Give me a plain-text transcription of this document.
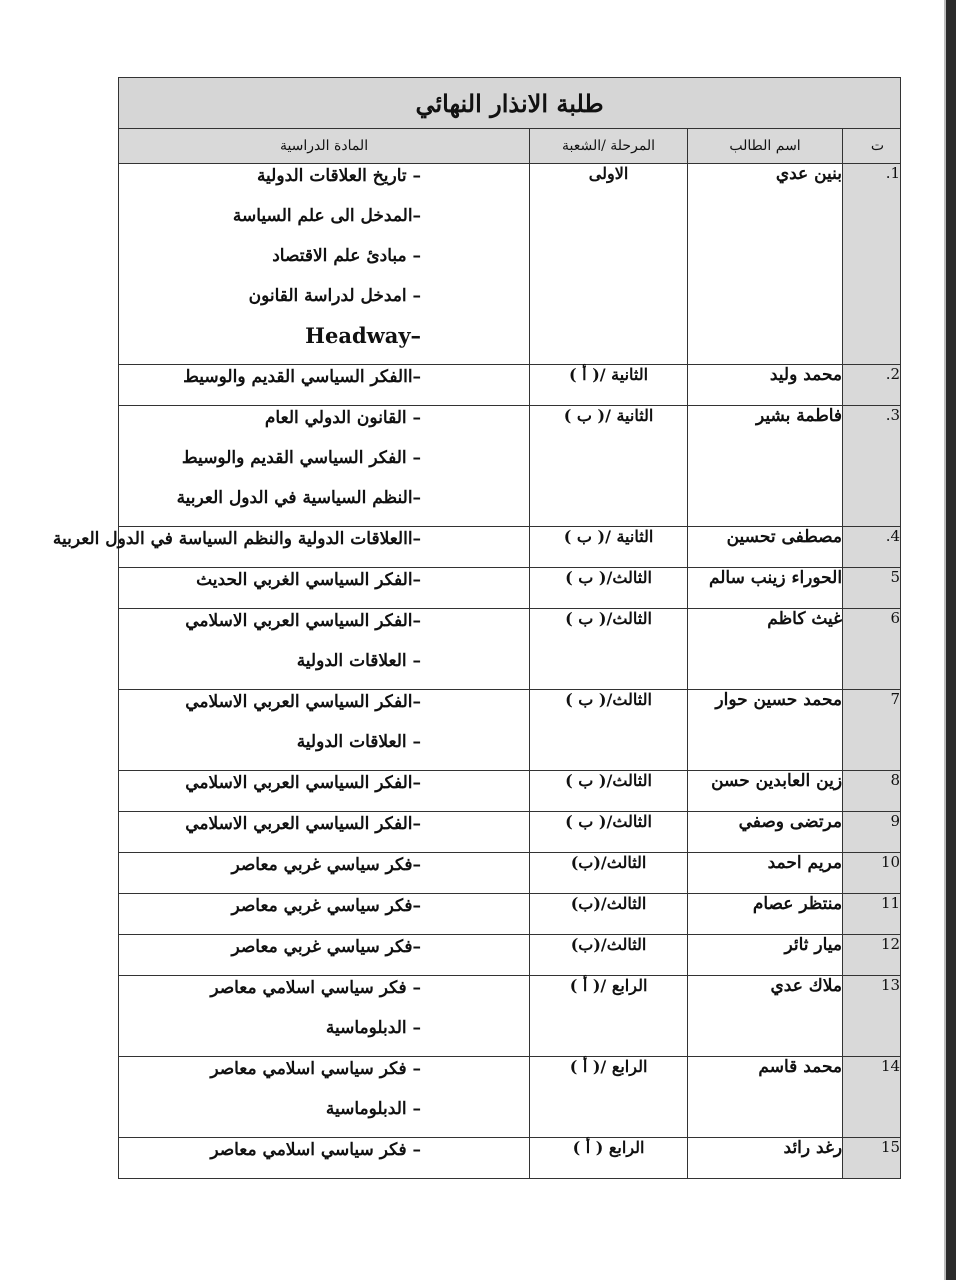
طلبة الانذار النهائي			
ت	اسم الطالب	المرحلة /الشعبة	المادة الدراسية
1.	بنين عدي	الاولى	– تاريخ العلاقات الدولية
–المدخل الى علم السياسة
– مبادئ علم الاقتصاد
– امدخل لدراسة القانون
Headway–

2.	محمد وليد	الثانية /( أ )	–االفكر السياسي القديم والوسيط

3.	فاطمة بشير	الثانية /( ب )	– القانون الدولي العام
– الفكر السياسي القديم والوسيط
–النظم السياسية في الدول العربية

4.	مصطفى تحسين	الثانية /( ب )	–االعلاقات الدولية والنظم السياسة في الدول العربية

5	الحوراء زينب سالم	الثالث/( ب )	–الفكر السياسي الغربي الحديث

6	غيث كاظم	الثالث/( ب )	–الفكر السياسي العربي الاسلامي
– العلاقات الدولية

7	محمد حسين حوار	الثالث/( ب )	–الفكر السياسي العربي الاسلامي
– العلاقات الدولية

8	زين العابدين حسن	الثالث/( ب )	–الفكر السياسي العربي الاسلامي

9	مرتضى وصفي	الثالث/( ب )	–الفكر السياسي العربي الاسلامي

10	مريم احمد	الثالث/(ب)	–فكر سياسي غربي معاصر

11	منتظر عصام	الثالث/(ب)	–فكر سياسي غربي معاصر

12	ميار ثائر	الثالث/(ب)	–فكر سياسي غربي معاصر

13	ملاك عدي	الرابع /( أ )	– فكر سياسي اسلامي معاصر
– الدبلوماسية

14	محمد قاسم	الرابع /( أ )	– فكر سياسي اسلامي معاصر
– الدبلوماسية

15	رغد رائد	الرابع ( أ )	– فكر سياسي اسلامي معاصر
